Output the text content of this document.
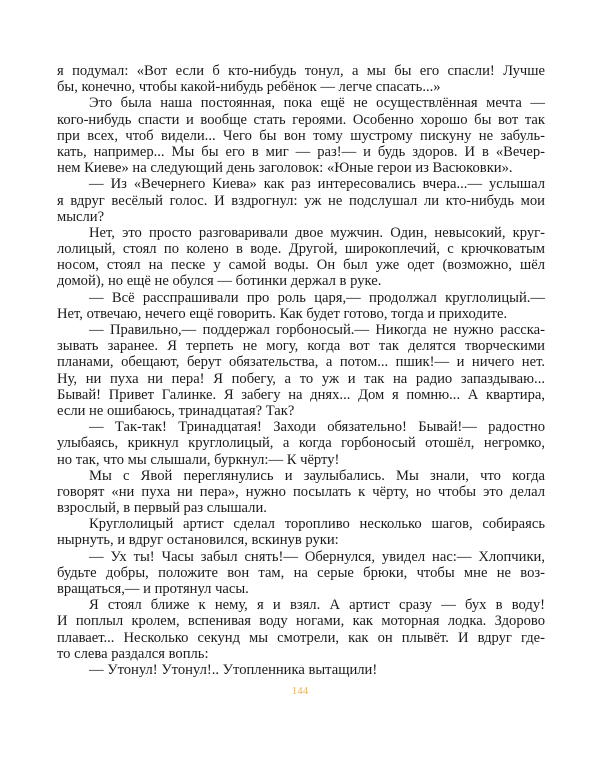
я подумал: «Вот если б кто-нибудь тонул, а мы бы его спасли! Лучше
бы, конечно, чтобы какой-нибудь ребёнок — легче спасать...»
Это была наша постоянная, пока ещё не осуществлённая мечта —
кого-нибудь спасти и вообще стать героями. Особенно хорошо бы вот так
при всех, чтоб видели... Чего бы вон тому шустрому пискуну не забуль-
кать, например... Мы бы его в миг — раз!— и будь здоров. И в «Вечер-
нем Киеве» на следующий день заголовок: «Юные герои из Васюковки».
— Из «Вечернего Киева» как раз интересовались вчера...— услышал
я вдруг весёлый голос. И вздрогнул: уж не подслушал ли кто-нибудь мои
мысли?
Нет, это просто разговаривали двое мужчин. Один, невысокий, круг-
лолицый, стоял по колено в воде. Другой, широкоплечий, с крючковатым
носом, стоял на песке у самой воды. Он был уже одет (возможно, шёл
домой), но ещё не обулся — ботинки держал в руке.
— Всё расспрашивали про роль царя,— продолжал круглолицый.—
Нет, отвечаю, нечего ещё говорить. Как будет готово, тогда и приходите.
— Правильно,— поддержал горбоносый.— Никогда не нужно расска-
зывать заранее. Я терпеть не могу, когда вот так делятся творческими
планами, обещают, берут обязательства, а потом... пшик!— и ничего нет.
Ну, ни пуха ни пера! Я побегу, а то уж и так на радио запаздываю...
Бывай! Привет Галинке. Я забегу на днях... Дом я помню... А квартира,
если не ошибаюсь, тринадцатая? Так?
— Так-так! Тринадцатая! Заходи обязательно! Бывай!— радостно
улыбаясь, крикнул круглолицый, а когда горбоносый отошёл, негромко,
но так, что мы слышали, буркнул:— К чёрту!
Мы с Явой переглянулись и заулыбались. Мы знали, что когда
говорят «ни пуха ни пера», нужно посылать к чёрту, но чтобы это делал
взрослый, в первый раз слышали.
Круглолицый артист сделал торопливо несколько шагов, собираясь
нырнуть, и вдруг остановился, вскинув руки:
— Ух ты! Часы забыл снять!— Обернулся, увидел нас:— Хлопчики,
будьте добры, положите вон там, на серые брюки, чтобы мне не воз-
вращаться,— и протянул часы.
Я стоял ближе к нему, я и взял. А артист сразу — бух в воду!
И поплыл кролем, вспенивая воду ногами, как моторная лодка. Здорово
плавает... Несколько секунд мы смотрели, как он плывёт. И вдруг где-
то слева раздался вопль:
— Утонул! Утонул!.. Утопленника вытащили!
144
